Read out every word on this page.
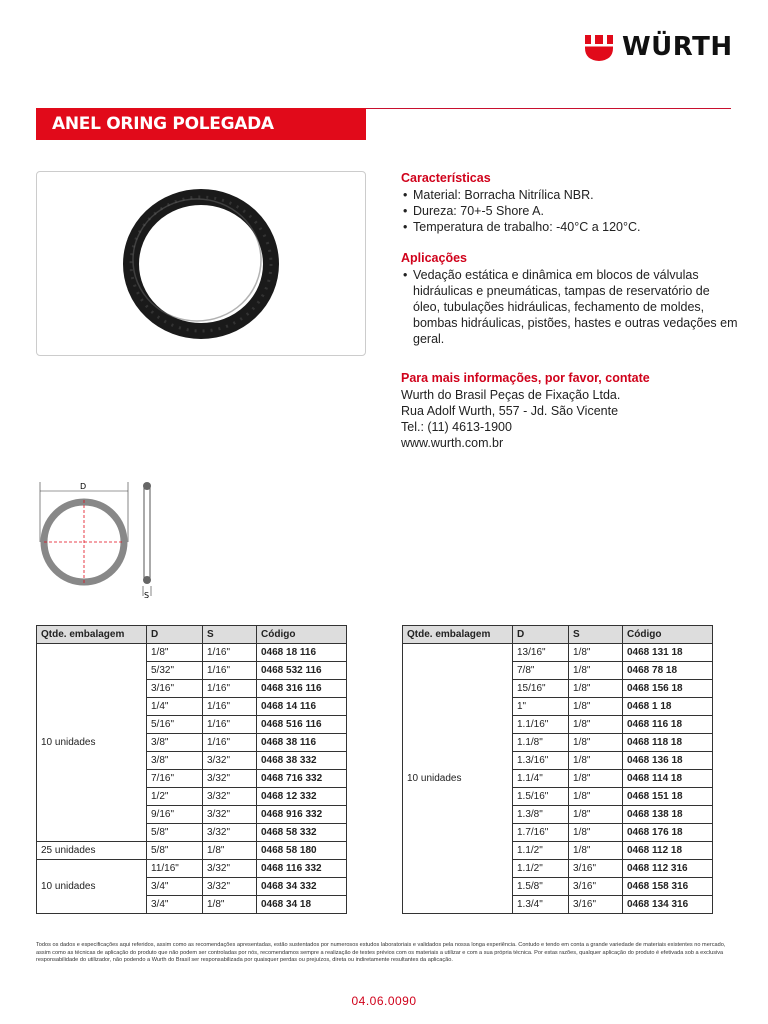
WÜRTH
ANEL ORING POLEGADA
Características
• Material: Borracha Nitrílica NBR.
• Dureza: 70+-5 Shore A.
• Temperatura de trabalho: -40°C a 120°C.
Aplicações
• Vedação estática e dinâmica em blocos de válvulas hidráulicas e pneumáticas, tampas de reservatório de óleo, tubulações hidráulicas, fechamento de moldes, bombas hidráulicas, pistões, hastes e outras vedações em geral.
Para mais informações, por favor, contate
Wurth do Brasil Peças de Fixação Ltda.
Rua Adolf Wurth, 557 - Jd. São Vicente
Tel.: (11) 4613-1900
www.wurth.com.br
D
S
Qtde. embalagem	D	S	Código
10 unidades	1/8"	1/16"	0468 18 116
	5/32"	1/16"	0468 532 116
	3/16"	1/16"	0468 316 116
	1/4"	1/16"	0468 14 116
	5/16"	1/16"	0468 516 116
	3/8"	1/16"	0468 38 116
	3/8"	3/32"	0468 38 332
	7/16"	3/32"	0468 716 332
	1/2"	3/32"	0468 12 332
	9/16"	3/32"	0468 916 332
	5/8"	3/32"	0468 58 332
25 unidades	5/8"	1/8"	0468 58 180
10 unidades	11/16"	3/32"	0468 116 332
	3/4"	3/32"	0468 34 332
	3/4"	1/8"	0468 34 18
Qtde. embalagem	D	S	Código
10 unidades	13/16"	1/8"	0468 131 18
	7/8"	1/8"	0468 78 18
	15/16"	1/8"	0468 156 18
	1"	1/8"	0468 1 18
	1.1/16"	1/8"	0468 116 18
	1.1/8"	1/8"	0468 118 18
	1.3/16"	1/8"	0468 136 18
	1.1/4"	1/8"	0468 114 18
	1.5/16"	1/8"	0468 151 18
	1.3/8"	1/8"	0468 138 18
	1.7/16"	1/8"	0468 176 18
	1.1/2"	1/8"	0468 112 18
	1.1/2"	3/16"	0468 112 316
	1.5/8"	3/16"	0468 158 316
	1.3/4"	3/16"	0468 134 316
Todos os dados e especificações aqui referidos, assim como as recomendações apresentadas, estão sustentados por numerosos estudos laboratoriais e validados pela nossa longa experiência. Contudo e tendo em conta a grande variedade de materiais existentes no mercado, assim como as técnicas de aplicação do produto que não podem ser controladas por nós, recomendamos sempre a realização de testes prévios com os materiais a utilizar e com a sua própria técnica. Por estas razões, qualquer aplicação do produto é efetivada sob a exclusiva responsabilidade do utilizador, não podendo a Wurth do Brasil ser responsabilizada por quaisquer perdas ou prejuízos, direta ou indiretamente resultantes da aplicação.
04.06.0090
